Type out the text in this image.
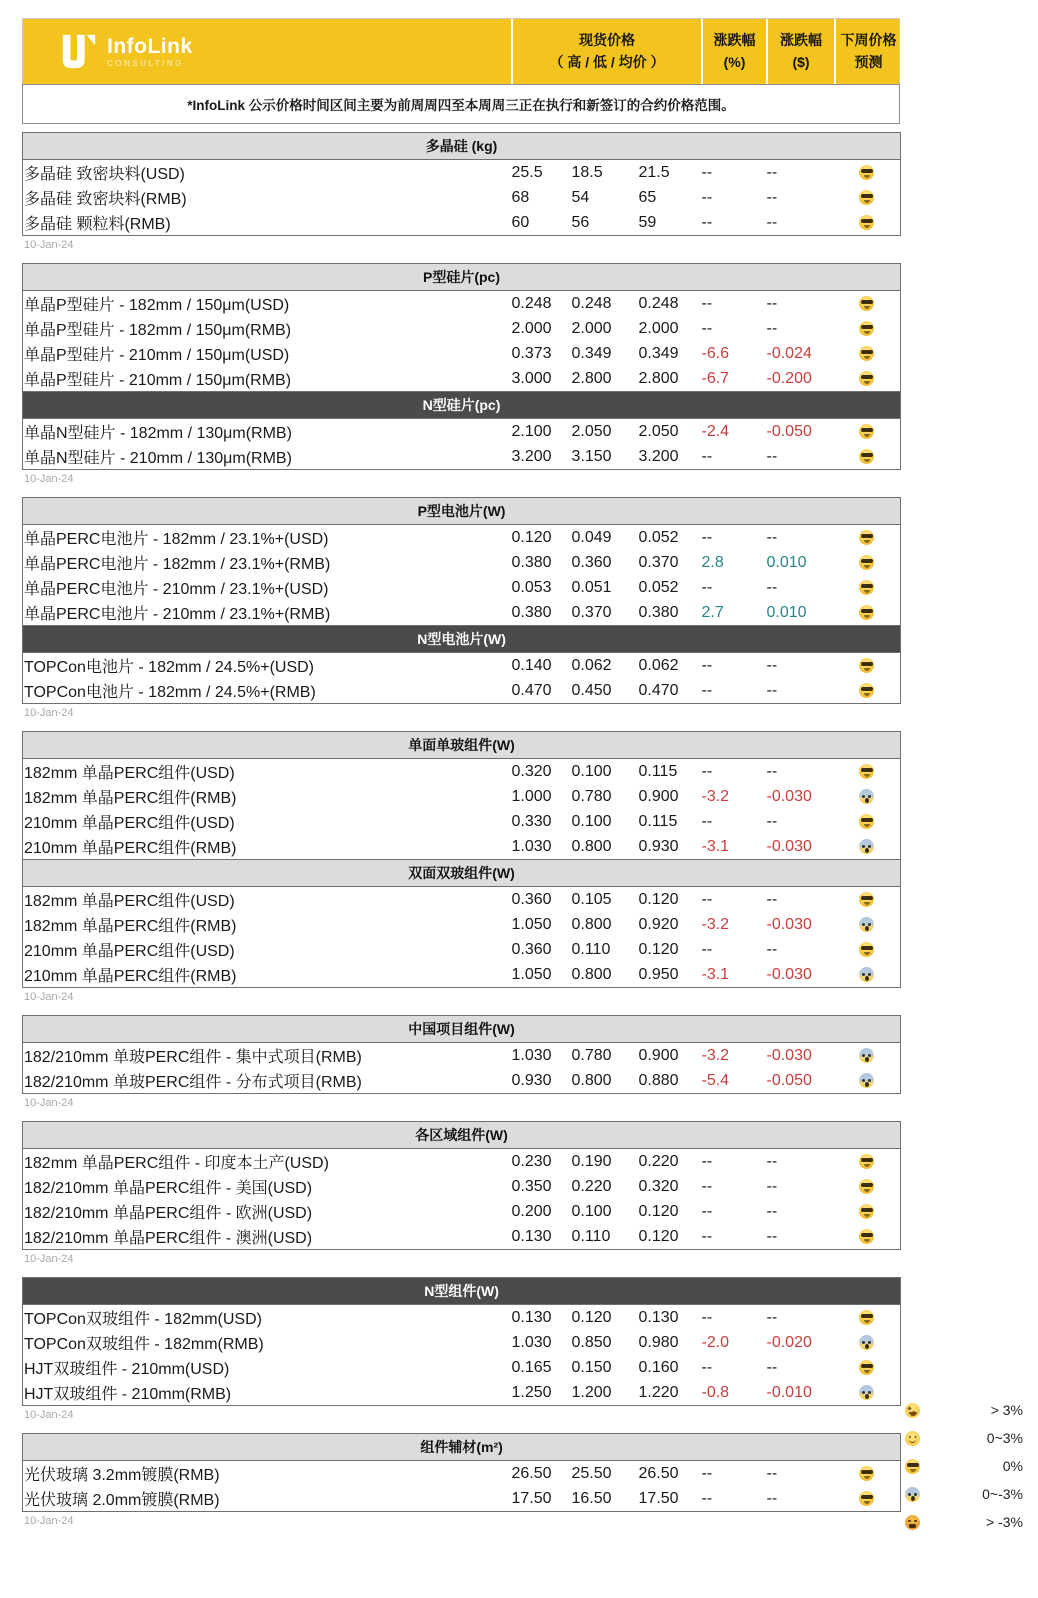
InfoLink
CONSULTING
现货价格
（ 高 / 低 / 均价 ）
涨跌幅
(%)
涨跌幅
($)
下周价格
预测
*InfoLink 公示价格时间区间主要为前周周四至本周周三正在执行和新签订的合约价格范围。
多晶硅 (kg)						
多晶硅 致密块料(USD)	25.5	18.5	21.5	--	--	
多晶硅 致密块料(RMB)	68	54	65	--	--	
多晶硅 颗粒料(RMB)	60	56	59	--	--	
10-Jan-24
P型硅片(pc)						
单晶P型硅片 - 182mm / 150μm(USD)	0.248	0.248	0.248	--	--	
单晶P型硅片 - 182mm / 150μm(RMB)	2.000	2.000	2.000	--	--	
单晶P型硅片 - 210mm / 150μm(USD)	0.373	0.349	0.349	-6.6	-0.024	
单晶P型硅片 - 210mm / 150μm(RMB)	3.000	2.800	2.800	-6.7	-0.200	
N型硅片(pc)						
单晶N型硅片 - 182mm / 130μm(RMB)	2.100	2.050	2.050	-2.4	-0.050	
单晶N型硅片 - 210mm / 130μm(RMB)	3.200	3.150	3.200	--	--	
10-Jan-24
P型电池片(W)						
单晶PERC电池片 - 182mm / 23.1%+(USD)	0.120	0.049	0.052	--	--	
单晶PERC电池片 - 182mm / 23.1%+(RMB)	0.380	0.360	0.370	2.8	0.010	
单晶PERC电池片 - 210mm / 23.1%+(USD)	0.053	0.051	0.052	--	--	
单晶PERC电池片 - 210mm / 23.1%+(RMB)	0.380	0.370	0.380	2.7	0.010	
N型电池片(W)						
TOPCon电池片 - 182mm / 24.5%+(USD)	0.140	0.062	0.062	--	--	
TOPCon电池片 - 182mm / 24.5%+(RMB)	0.470	0.450	0.470	--	--	
10-Jan-24
单面单玻组件(W)						
182mm 单晶PERC组件(USD)	0.320	0.100	0.115	--	--	
182mm 单晶PERC组件(RMB)	1.000	0.780	0.900	-3.2	-0.030	
210mm 单晶PERC组件(USD)	0.330	0.100	0.115	--	--	
210mm 单晶PERC组件(RMB)	1.030	0.800	0.930	-3.1	-0.030	
双面双玻组件(W)						
182mm 单晶PERC组件(USD)	0.360	0.105	0.120	--	--	
182mm 单晶PERC组件(RMB)	1.050	0.800	0.920	-3.2	-0.030	
210mm 单晶PERC组件(USD)	0.360	0.110	0.120	--	--	
210mm 单晶PERC组件(RMB)	1.050	0.800	0.950	-3.1	-0.030	
10-Jan-24
中国项目组件(W)						
182/210mm 单玻PERC组件 - 集中式项目(RMB)	1.030	0.780	0.900	-3.2	-0.030	
182/210mm 单玻PERC组件 - 分布式项目(RMB)	0.930	0.800	0.880	-5.4	-0.050	
10-Jan-24
各区域组件(W)						
182mm 单晶PERC组件 - 印度本土产(USD)	0.230	0.190	0.220	--	--	
182/210mm 单晶PERC组件 - 美国(USD)	0.350	0.220	0.320	--	--	
182/210mm 单晶PERC组件 - 欧洲(USD)	0.200	0.100	0.120	--	--	
182/210mm 单晶PERC组件 - 澳洲(USD)	0.130	0.110	0.120	--	--	
10-Jan-24
N型组件(W)						
TOPCon双玻组件 - 182mm(USD)	0.130	0.120	0.130	--	--	
TOPCon双玻组件 - 182mm(RMB)	1.030	0.850	0.980	-2.0	-0.020	
HJT双玻组件 - 210mm(USD)	0.165	0.150	0.160	--	--	
HJT双玻组件 - 210mm(RMB)	1.250	1.200	1.220	-0.8	-0.010	
10-Jan-24
组件辅材(m²)						
光伏玻璃 3.2mm镀膜(RMB)	26.50	25.50	26.50	--	--	
光伏玻璃 2.0mm镀膜(RMB)	17.50	16.50	17.50	--	--	
10-Jan-24
> 3%
0~3%
0%
0~-3%
> -3%
